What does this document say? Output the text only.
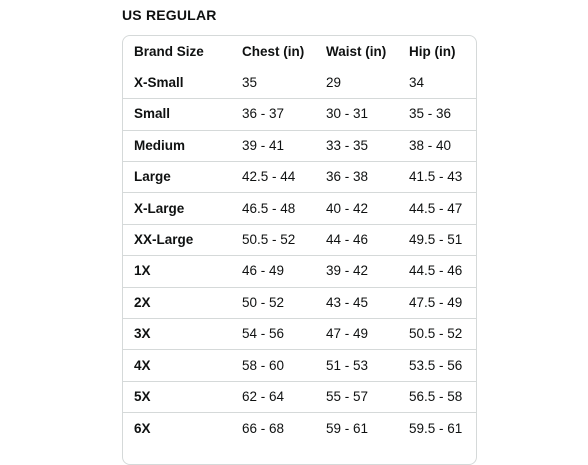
US REGULAR
Brand Size	Chest (in)	Waist (in)	Hip (in)
X-Small	35	29	34
Small	36 - 37	30 - 31	35 - 36
Medium	39 - 41	33 - 35	38 - 40
Large	42.5 - 44	36 - 38	41.5 - 43
X-Large	46.5 - 48	40 - 42	44.5 - 47
XX-Large	50.5 - 52	44 - 46	49.5 - 51
1X	46 - 49	39 - 42	44.5 - 46
2X	50 - 52	43 - 45	47.5 - 49
3X	54 - 56	47 - 49	50.5 - 52
4X	58 - 60	51 - 53	53.5 - 56
5X	62 - 64	55 - 57	56.5 - 58
6X	66 - 68	59 - 61	59.5 - 61
